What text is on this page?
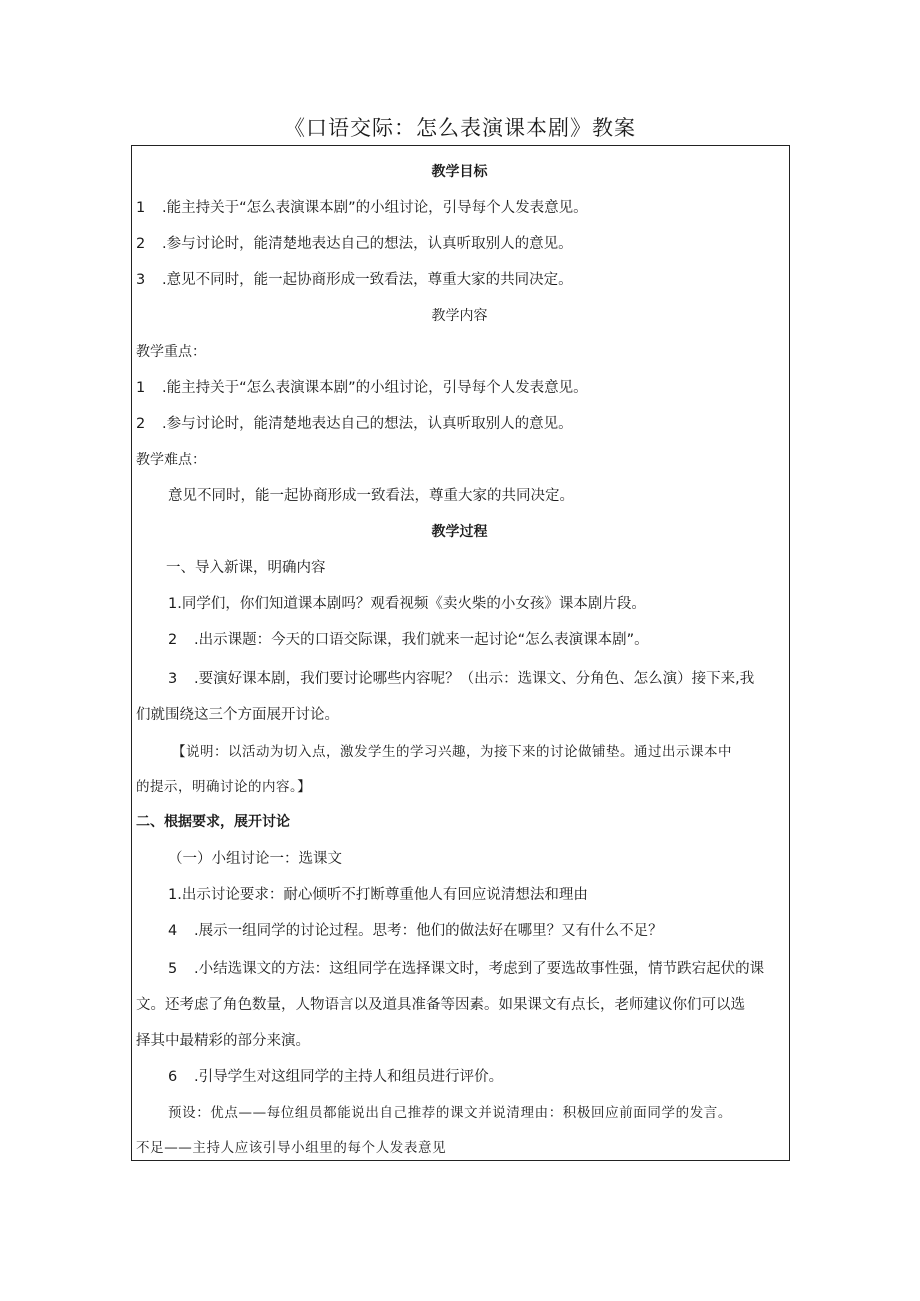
《口语交际：怎么表演课本剧》教案
教学目标
1 .能主持关于“怎么表演课本剧”的小组讨论，引导每个人发表意见。
2 .参与讨论时，能清楚地表达自己的想法，认真听取别人的意见。
3 .意见不同时，能一起协商形成一致看法，尊重大家的共同决定。
教学内容
教学重点：
1 .能主持关于“怎么表演课本剧”的小组讨论，引导每个人发表意见。
2 .参与讨论时，能清楚地表达自己的想法，认真听取别人的意见。
教学难点：
意见不同时，能一起协商形成一致看法，尊重大家的共同决定。
教学过程
一、导入新课，明确内容
1.同学们，你们知道课本剧吗？观看视频《卖火柴的小女孩》课本剧片段。
2 .出示课题：今天的口语交际课，我们就来一起讨论“怎么表演课本剧”。
3 .要演好课本剧，我们要讨论哪些内容呢？（出示：选课文、分角色、怎么演）接下来,我
们就围绕这三个方面展开讨论。
【说明：以活动为切入点，激发学生的学习兴趣，为接下来的讨论做铺垫。通过出示课本中
的提示，明确讨论的内容。】
二、根据要求，展开讨论
（一）小组讨论一：选课文
1.出示讨论要求：耐心倾听不打断尊重他人有回应说清想法和理由
4 .展示一组同学的讨论过程。思考：他们的做法好在哪里？又有什么不足？
5 .小结选课文的方法：这组同学在选择课文时，考虑到了要选故事性强，情节跌宕起伏的课
文。还考虑了角色数量，人物语言以及道具准备等因素。如果课文有点长，老师建议你们可以选
择其中最精彩的部分来演。
6 .引导学生对这组同学的主持人和组员进行评价。
预设：优点——每位组员都能说出自己推荐的课文并说清理由：积极回应前面同学的发言。
不足——主持人应该引导小组里的每个人发表意见
